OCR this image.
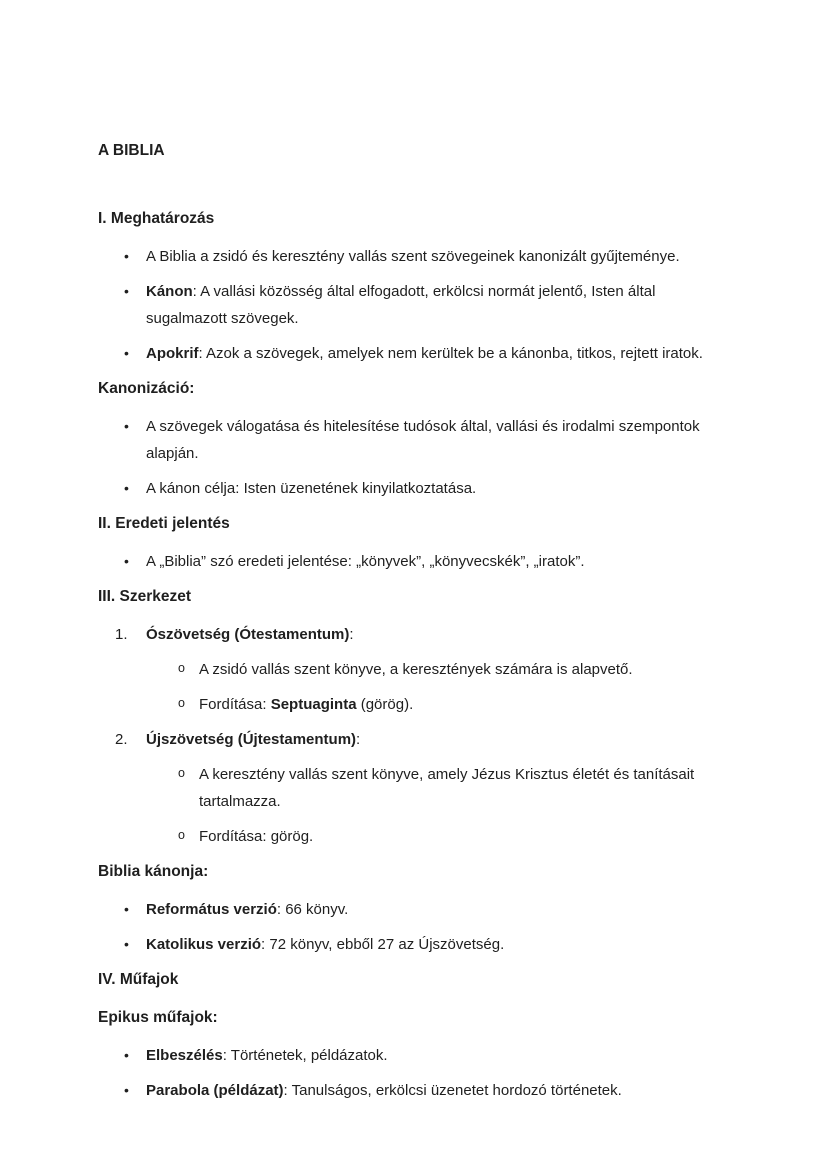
A BIBLIA
I. Meghatározás
• A Biblia a zsidó és keresztény vallás szent szövegeinek kanonizált gyűjteménye.
• Kánon: A vallási közösség által elfogadott, erkölcsi normát jelentő, Isten által sugalmazott szövegek.
• Apokrif: Azok a szövegek, amelyek nem kerültek be a kánonba, titkos, rejtett iratok.
Kanonizáció:
• A szövegek válogatása és hitelesítése tudósok által, vallási és irodalmi szempontok alapján.
• A kánon célja: Isten üzenetének kinyilatkoztatása.
II. Eredeti jelentés
• A „Biblia” szó eredeti jelentése: „könyvek”, „könyvecskék”, „iratok”.
III. Szerkezet
1. Ószövetség (Ótestamentum):
o A zsidó vallás szent könyve, a keresztények számára is alapvető.
o Fordítása: Septuaginta (görög).
2. Újszövetség (Újtestamentum):
o A keresztény vallás szent könyve, amely Jézus Krisztus életét és tanításait tartalmazza.
o Fordítása: görög.
Biblia kánonja:
• Református verzió: 66 könyv.
• Katolikus verzió: 72 könyv, ebből 27 az Újszövetség.
IV. Műfajok
Epikus műfajok:
• Elbeszélés: Történetek, példázatok.
• Parabola (példázat): Tanulságos, erkölcsi üzenetet hordozó történetek.
